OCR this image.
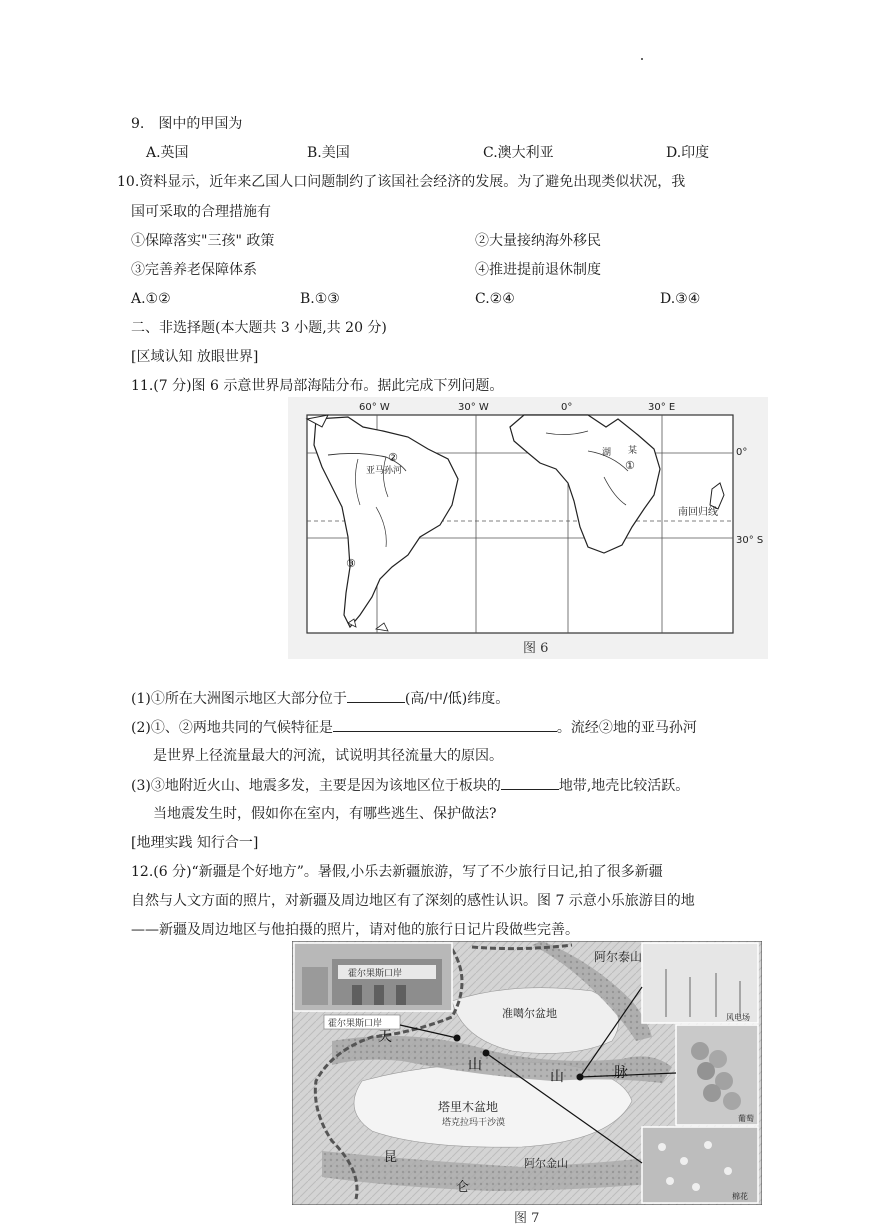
9.　图中的甲国为
A.英国	B.美国	C.澳大利亚	D.印度
10.资料显示，近年来乙国人口问题制约了该国社会经济的发展。为了避免出现类似状况，我
国可采取的合理措施有
①保障落实"三孩" 政策	②大量接纳海外移民
③完善养老保障体系	④推进提前退休制度
A.①②	B.①③	C.②④	D.③④
二、非选择题(本大题共 3 小题,共 20 分)
[区域认知 放眼世界]
11.(7 分)图 6 示意世界局部海陆分布。据此完成下列问题。
60° W	30° W	0°	30° E
0°
30° S
南回归线
亚马孙河
湖 某
①
②
③
图 6
(1)①所在大洲图示地区大部分位于	(高/中/低)纬度。
(2)①、②两地共同的气候特征是	。流经②地的亚马孙河
是世界上径流量最大的河流，试说明其径流量大的原因。
(3)③地附近火山、地震多发，主要是因为该地区位于板块的	地带,地壳比较活跃。
当地震发生时，假如你在室内，有哪些逃生、保护做法?
[地理实践 知行合一]
12.(6 分)“新疆是个好地方”。暑假,小乐去新疆旅游，写了不少旅行日记,拍了很多新疆
自然与人文方面的照片，对新疆及周边地区有了深刻的感性认识。图 7 示意小乐旅游目的地
——新疆及周边地区与他拍摄的照片，请对他的旅行日记片段做些完善。
霍尔果斯口岸
霍尔果斯口岸
风电场
葡萄
棉花
准噶尔盆地
阿尔泰山
天
山
山	脉
塔里木盆地
塔克拉玛干沙漠
阿尔金山
昆
仑
图 7
